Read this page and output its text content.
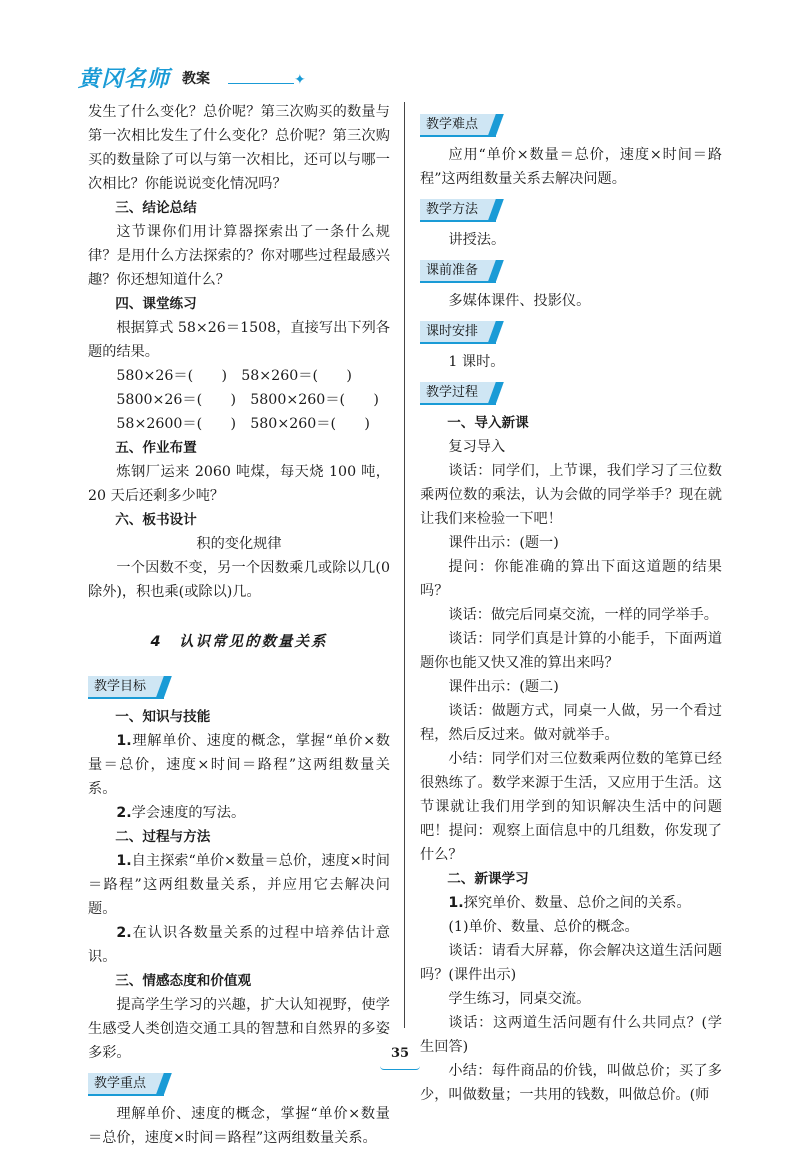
黄冈名师 教案	✦

发生了什么变化？总价呢？第三次购买的数量与第一次相比发生了什么变化？总价呢？第三次购买的数量除了可以与第一次相比，还可以与哪一次相比？你能说说变化情况吗？

三、结论总结

这节课你们用计算器探索出了一条什么规律？是用什么方法探索的？你对哪些过程最感兴趣？你还想知道什么？

四、课堂练习

根据算式 58×26＝1508，直接写出下列各题的结果。

580×26＝(　　)　58×260＝(　　)

5800×26＝(　　)　5800×260＝(　　)

58×2600＝(　　)　580×260＝(　　)

五、作业布置

炼钢厂运来 2060 吨煤，每天烧 100 吨，20 天后还剩多少吨？

六、板书设计

积的变化规律

一个因数不变，另一个因数乘几或除以几(0 除外)，积也乘(或除以)几。

4　认识常见的数量关系
教学目标

一、知识与技能

1.理解单价、速度的概念，掌握“单价×数量＝总价，速度×时间＝路程”这两组数量关系。

2.学会速度的写法。

二、过程与方法

1.自主探索“单价×数量＝总价，速度×时间＝路程”这两组数量关系，并应用它去解决问题。

2.在认识各数量关系的过程中培养估计意识。

三、情感态度和价值观

提高学生学习的兴趣，扩大认知视野，使学生感受人类创造交通工具的智慧和自然界的多姿多彩。

教学重点

理解单价、速度的概念，掌握“单价×数量＝总价，速度×时间＝路程”这两组数量关系。

教学难点

应用“单价×数量＝总价，速度×时间＝路程”这两组数量关系去解决问题。

教学方法

讲授法。

课前准备

多媒体课件、投影仪。

课时安排

1 课时。

教学过程

一、导入新课

复习导入

谈话：同学们，上节课，我们学习了三位数乘两位数的乘法，认为会做的同学举手？现在就让我们来检验一下吧！

课件出示：(题一)

提问：你能准确的算出下面这道题的结果吗？

谈话：做完后同桌交流，一样的同学举手。

谈话：同学们真是计算的小能手，下面两道题你也能又快又准的算出来吗？

课件出示：(题二)

谈话：做题方式，同桌一人做，另一个看过程，然后反过来。做对就举手。

小结：同学们对三位数乘两位数的笔算已经很熟练了。数学来源于生活，又应用于生活。这节课就让我们用学到的知识解决生活中的问题吧！提问：观察上面信息中的几组数，你发现了什么？

二、新课学习

1.探究单价、数量、总价之间的关系。

(1)单价、数量、总价的概念。

谈话：请看大屏幕，你会解决这道生活问题吗？(课件出示)

学生练习，同桌交流。

谈话：这两道生活问题有什么共同点？(学生回答)

小结：每件商品的价钱，叫做总价；买了多少，叫做数量；一共用的钱数，叫做总价。(师

35
